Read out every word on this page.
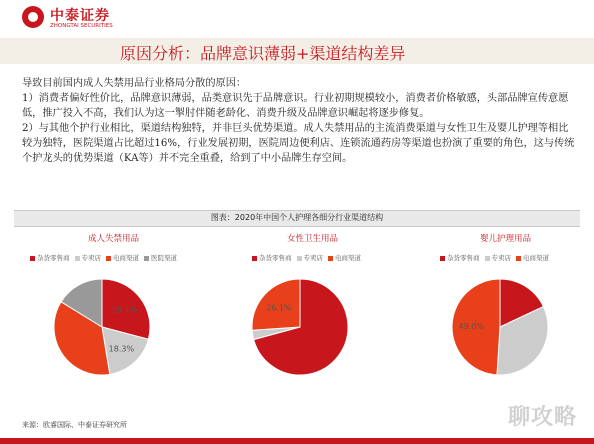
中泰证券
ZHONGTAI SECURITIES
原因分析：品牌意识薄弱+渠道结构差异

导致目前国内成人失禁用品行业格局分散的原因：

1）消费者偏好性价比，品牌意识薄弱，品类意识先于品牌意识。行业初期规模较小，消费者价格敏感，头部品牌宣传意愿低，推广投入不高，我们认为这一掣肘伴随老龄化、消费升级及品牌意识崛起将逐步修复。

2）与其他个护行业相比，渠道结构独特，并非巨头优势渠道。成人失禁用品的主流消费渠道与女性卫生及婴儿护理等相比较为独特，医院渠道占比超过16%，行业发展初期，医院周边便利店、连锁流通药房等渠道也扮演了重要的角色，这与传统个护龙头的优势渠道（KA等）并不完全重叠，给到了中小品牌生存空间。

图表：2020年中国个人护理各细分行业渠道结构
成人失禁用品
杂货零售商 专卖店 电商渠道 医院渠道
29.1%
18.3%
女性卫生用品
杂货零售商 专卖店 电商渠道
26.1%
婴儿护理用品
杂货零售商 专卖店 电商渠道
49.0%
来源：欧睿国际、中泰证券研究所	聊攻略
